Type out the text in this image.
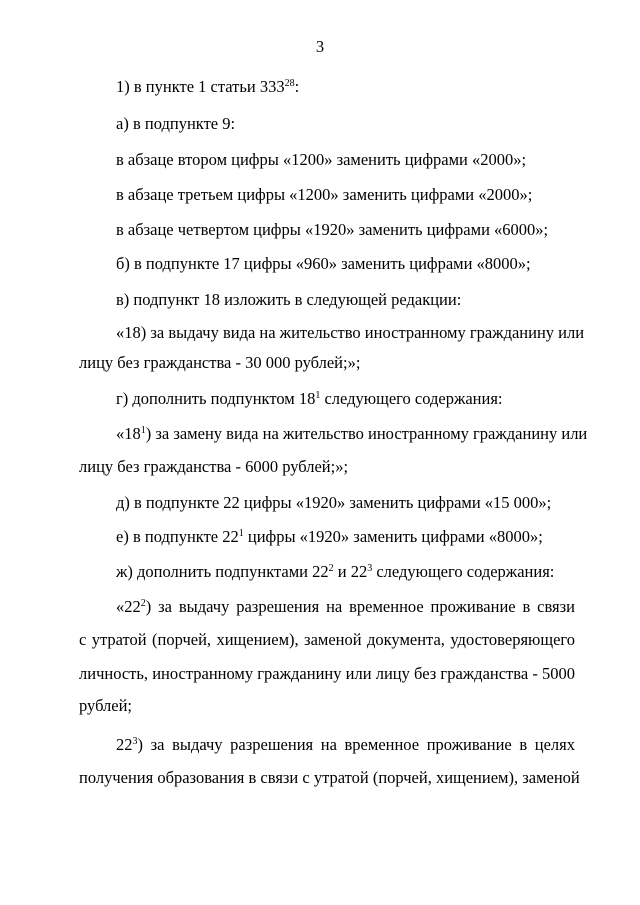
3
1) в пункте 1 статьи $333^{28}$:
а) в подпункте 9:
в абзаце втором цифры «1200» заменить цифрами «2000»;
в абзаце третьем цифры «1200» заменить цифрами «2000»;
в абзаце четвертом цифры «1920» заменить цифрами «6000»;
б) в подпункте 17 цифры «960» заменить цифрами «8000»;
в) подпункт 18 изложить в следующей редакции:
«18) за выдачу вида на жительство иностранному гражданину или
лицу без гражданства - 30 000 рублей;»;
г) дополнить подпунктом $18^1$ следующего содержания:
«$18^1$) за замену вида на жительство иностранному гражданину или
лицу без гражданства - 6000 рублей;»;
д) в подпункте 22 цифры «1920» заменить цифрами «15 000»;
е) в подпункте $22^1$ цифры «1920» заменить цифрами «8000»;
ж) дополнить подпунктами $22^2$ и $22^3$ следующего содержания:
«$22^2$) за выдачу разрешения на временное проживание в связи
с утратой (порчей, хищением), заменой документа, удостоверяющего
личность, иностранному гражданину или лицу без гражданства - 5000
рублей;
$22^3$) за выдачу разрешения на временное проживание в целях
получения образования в связи с утратой (порчей, хищением), заменой
